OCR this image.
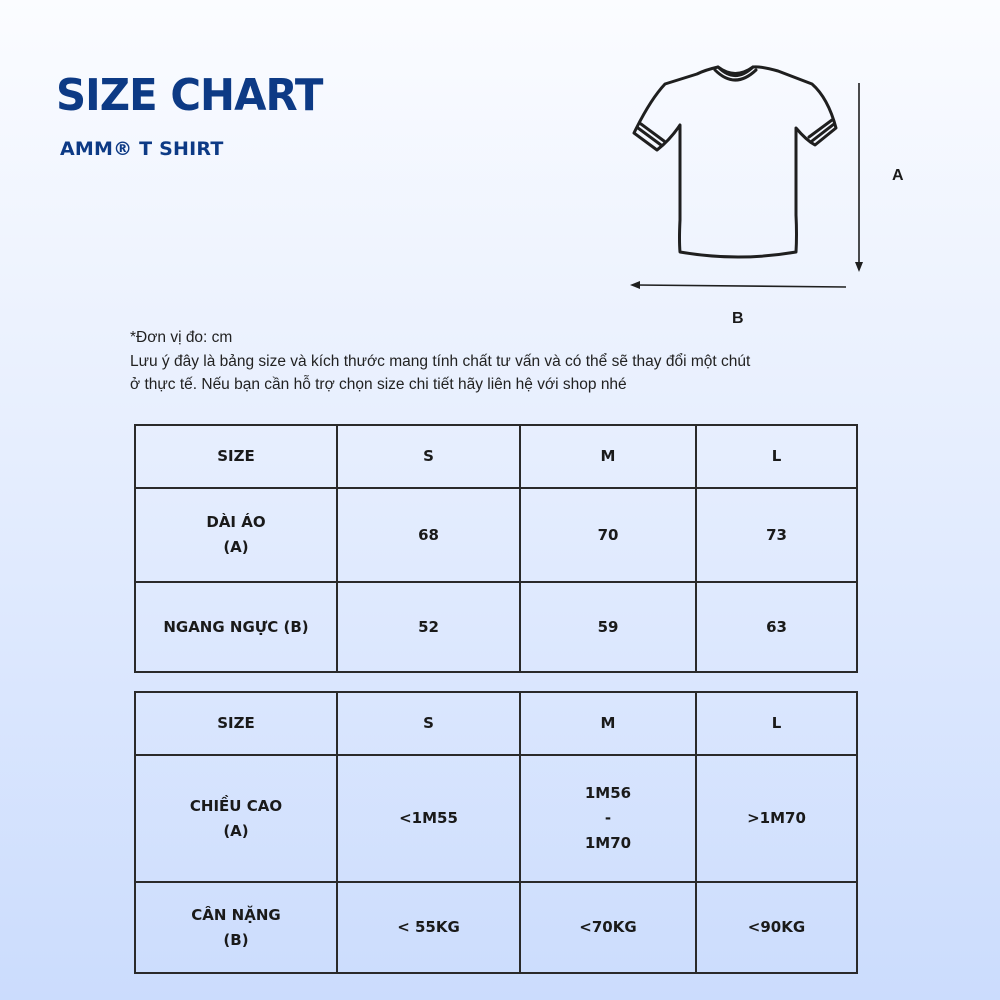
SIZE CHART
AMM® T SHIRT
A
B
*Đơn vị đo: cm
Lưu ý đây là bảng size và kích thước mang tính chất tư vấn và có thể sẽ thay đổi một chút
ở thực tế. Nếu bạn cần hỗ trợ chọn size chi tiết hãy liên hệ với shop nhé
SIZE	S	M	L
DÀI ÁO
(A)	68	70	73
NGANG NGỰC (B)	52	59	63
SIZE	S	M	L
CHIỀU CAO
(A)	<1M55	1M56
-
1M70	>1M70
CÂN NẶNG
(B)	< 55KG	<70KG	<90KG
